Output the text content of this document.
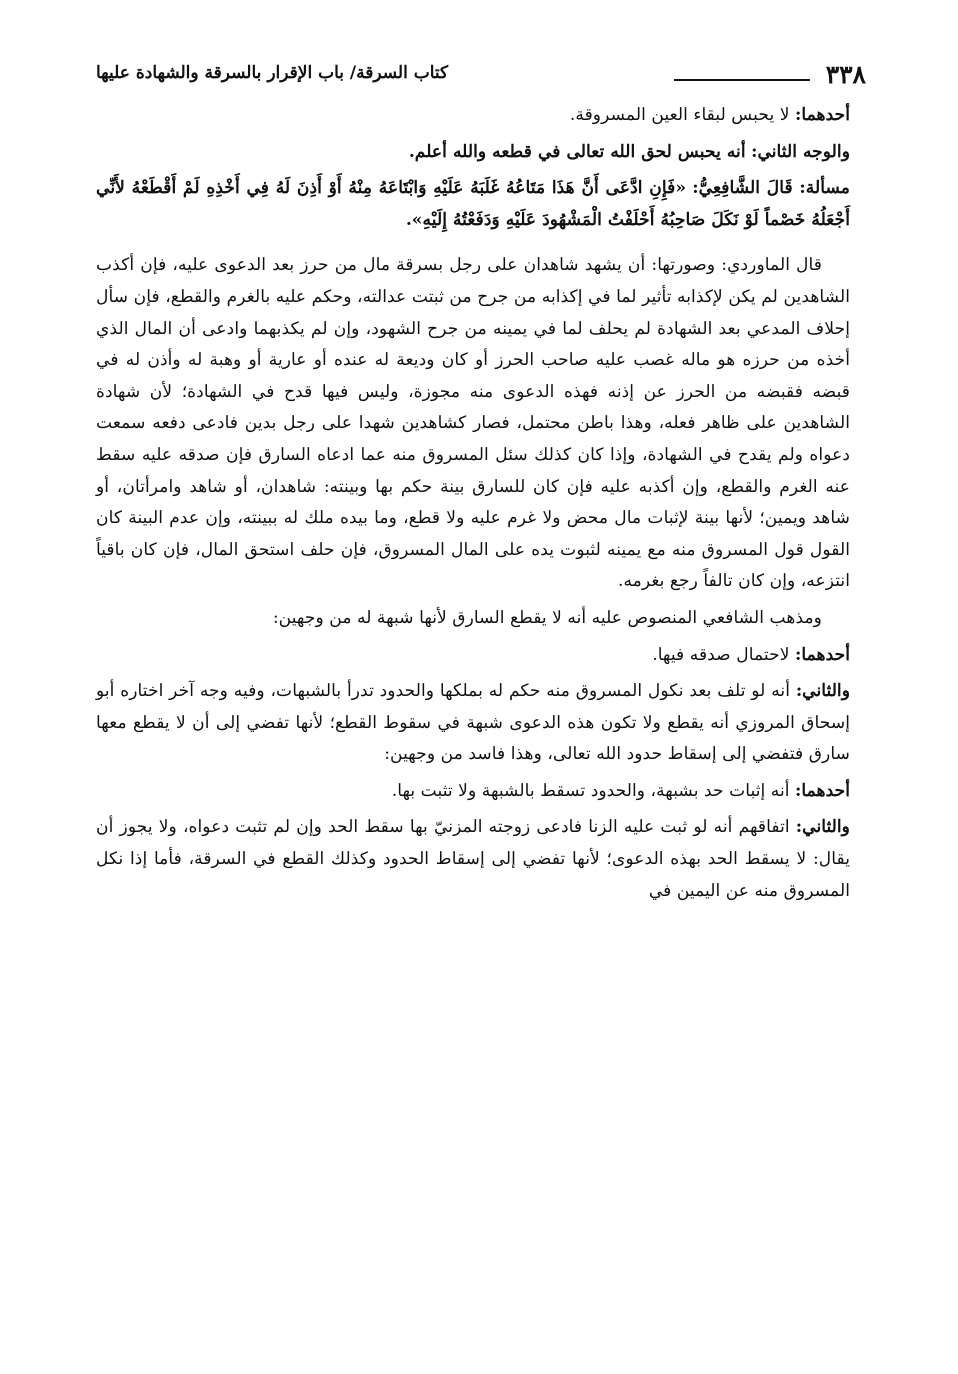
٣٣٨
كتاب السرقة/ باب الإقرار بالسرقة والشهادة عليها

أحدهما: لا يحبس لبقاء العين المسروقة.

والوجه الثاني: أنه يحبس لحق الله تعالى في قطعه والله أعلم.

مسألة: قَالَ الشَّافِعِيُّ: «فَإِنِ ادَّعَى أَنَّ هَذَا مَتَاعُهُ غَلَبَهُ عَلَيْهِ وَابْتَاعَهُ مِنْهُ أَوْ أَذِنَ لَهُ فِي أَخْذِهِ لَمْ أَقْطَعْهُ لأَنِّي أَجْعَلُهُ خَصْماً لَوْ نَكَلَ صَاحِبُهُ أَحْلَفْتُ الْمَشْهُودَ عَلَيْهِ وَدَفَعْتُهُ إِلَيْهِ».

قال الماوردي: وصورتها: أن يشهد شاهدان على رجل بسرقة مال من حرز بعد الدعوى عليه، فإن أكذب الشاهدين لم يكن لإكذابه تأثير لما في إكذابه من جرح من ثبتت عدالته، وحكم عليه بالغرم والقطع، فإن سأل إحلاف المدعي بعد الشهادة لم يحلف لما في يمينه من جرح الشهود، وإن لم يكذبهما وادعى أن المال الذي أخذه من حرزه هو ماله غصب عليه صاحب الحرز أو كان وديعة له عنده أو عارية أو وهبة له وأذن له في قبضه فقبضه من الحرز عن إذنه فهذه الدعوى منه مجوزة، وليس فيها قدح في الشهادة؛ لأن شهادة الشاهدين على ظاهر فعله، وهذا باطن محتمل، فصار كشاهدين شهدا على رجل بدين فادعى دفعه سمعت دعواه ولم يقدح في الشهادة، وإذا كان كذلك سئل المسروق منه عما ادعاه السارق فإن صدقه عليه سقط عنه الغرم والقطع، وإن أكذبه عليه فإن كان للسارق بينة حكم بها وبينته: شاهدان، أو شاهد وامرأتان، أو شاهد ويمين؛ لأنها بينة لإثبات مال محض ولا غرم عليه ولا قطع، وما بيده ملك له ببينته، وإن عدم البينة كان القول قول المسروق منه مع يمينه لثبوت يده على المال المسروق، فإن حلف استحق المال، فإن كان باقياً انتزعه، وإن كان تالفاً رجع بغرمه.

ومذهب الشافعي المنصوص عليه أنه لا يقطع السارق لأنها شبهة له من وجهين:

أحدهما: لاحتمال صدقه فيها.

والثاني: أنه لو تلف بعد نكول المسروق منه حكم له بملكها والحدود تدرأ بالشبهات، وفيه وجه آخر اختاره أبو إسحاق المروزي أنه يقطع ولا تكون هذه الدعوى شبهة في سقوط القطع؛ لأنها تفضي إلى أن لا يقطع معها سارق فتفضي إلى إسقاط حدود الله تعالى، وهذا فاسد من وجهين:

أحدهما: أنه إثبات حد بشبهة، والحدود تسقط بالشبهة ولا تثبت بها.

والثاني: اتفاقهم أنه لو ثبت عليه الزنا فادعى زوجته المزنيّ بها سقط الحد وإن لم تثبت دعواه، ولا يجوز أن يقال: لا يسقط الحد بهذه الدعوى؛ لأنها تفضي إلى إسقاط الحدود وكذلك القطع في السرقة، فأما إذا نكل المسروق منه عن اليمين في
